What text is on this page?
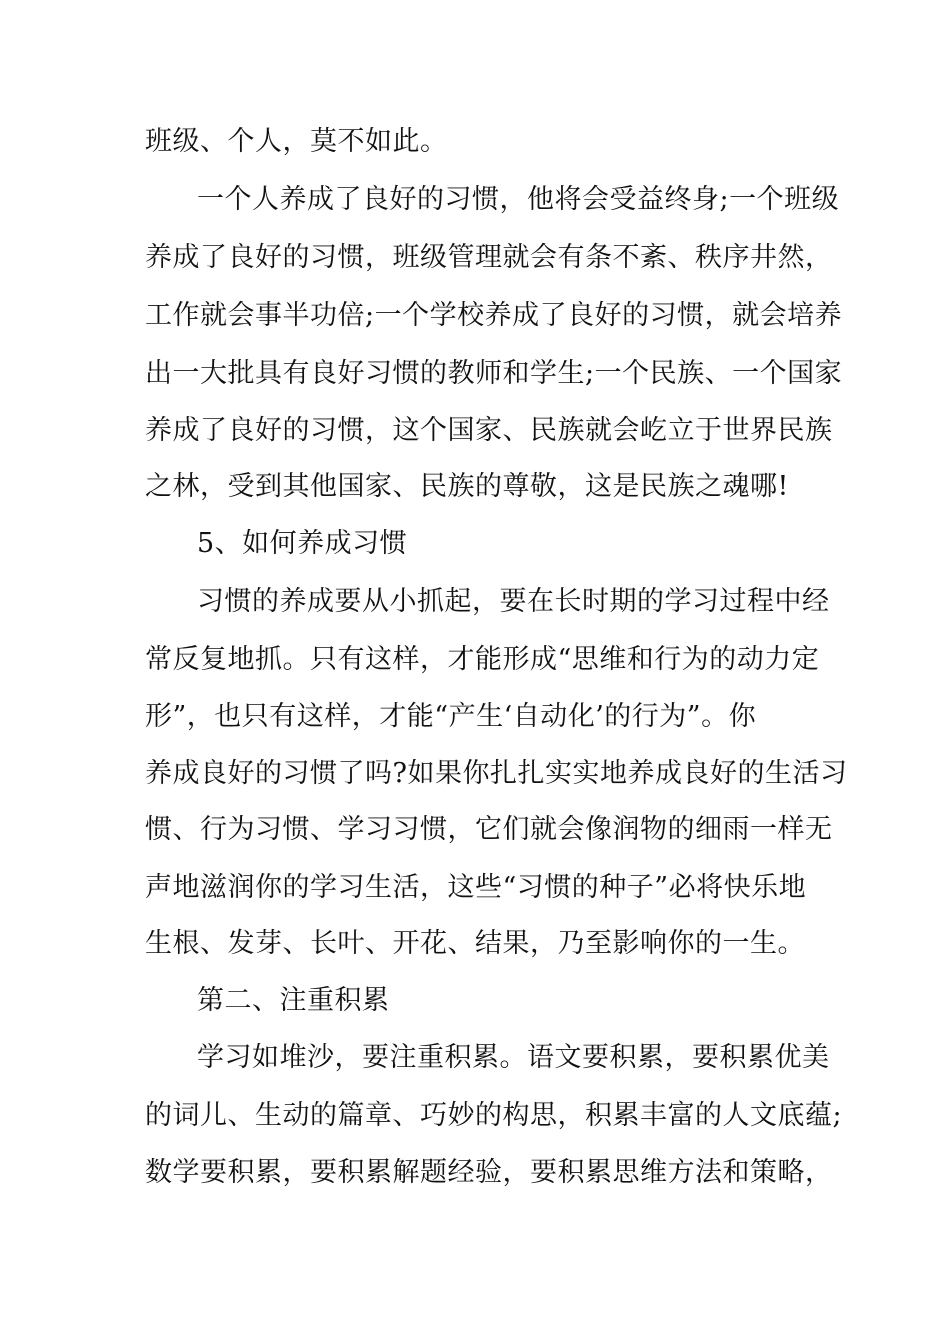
班级、个人，莫不如此。
一个人养成了良好的习惯，他将会受益终身;一个班级
养成了良好的习惯，班级管理就会有条不紊、秩序井然，
工作就会事半功倍;一个学校养成了良好的习惯，就会培养
出一大批具有良好习惯的教师和学生;一个民族、一个国家
养成了良好的习惯，这个国家、民族就会屹立于世界民族
之林，受到其他国家、民族的尊敬，这是民族之魂哪!
5、如何养成习惯
习惯的养成要从小抓起，要在长时期的学习过程中经
常反复地抓。只有这样，才能形成“思维和行为的动力定
形”，也只有这样，才能“产生‘自动化’的行为”。你
养成良好的习惯了吗?如果你扎扎实实地养成良好的生活习
惯、行为习惯、学习习惯，它们就会像润物的细雨一样无
声地滋润你的学习生活，这些“习惯的种子”必将快乐地
生根、发芽、长叶、开花、结果，乃至影响你的一生。
第二、注重积累
学习如堆沙，要注重积累。语文要积累，要积累优美
的词儿、生动的篇章、巧妙的构思，积累丰富的人文底蕴;
数学要积累，要积累解题经验，要积累思维方法和策略，
